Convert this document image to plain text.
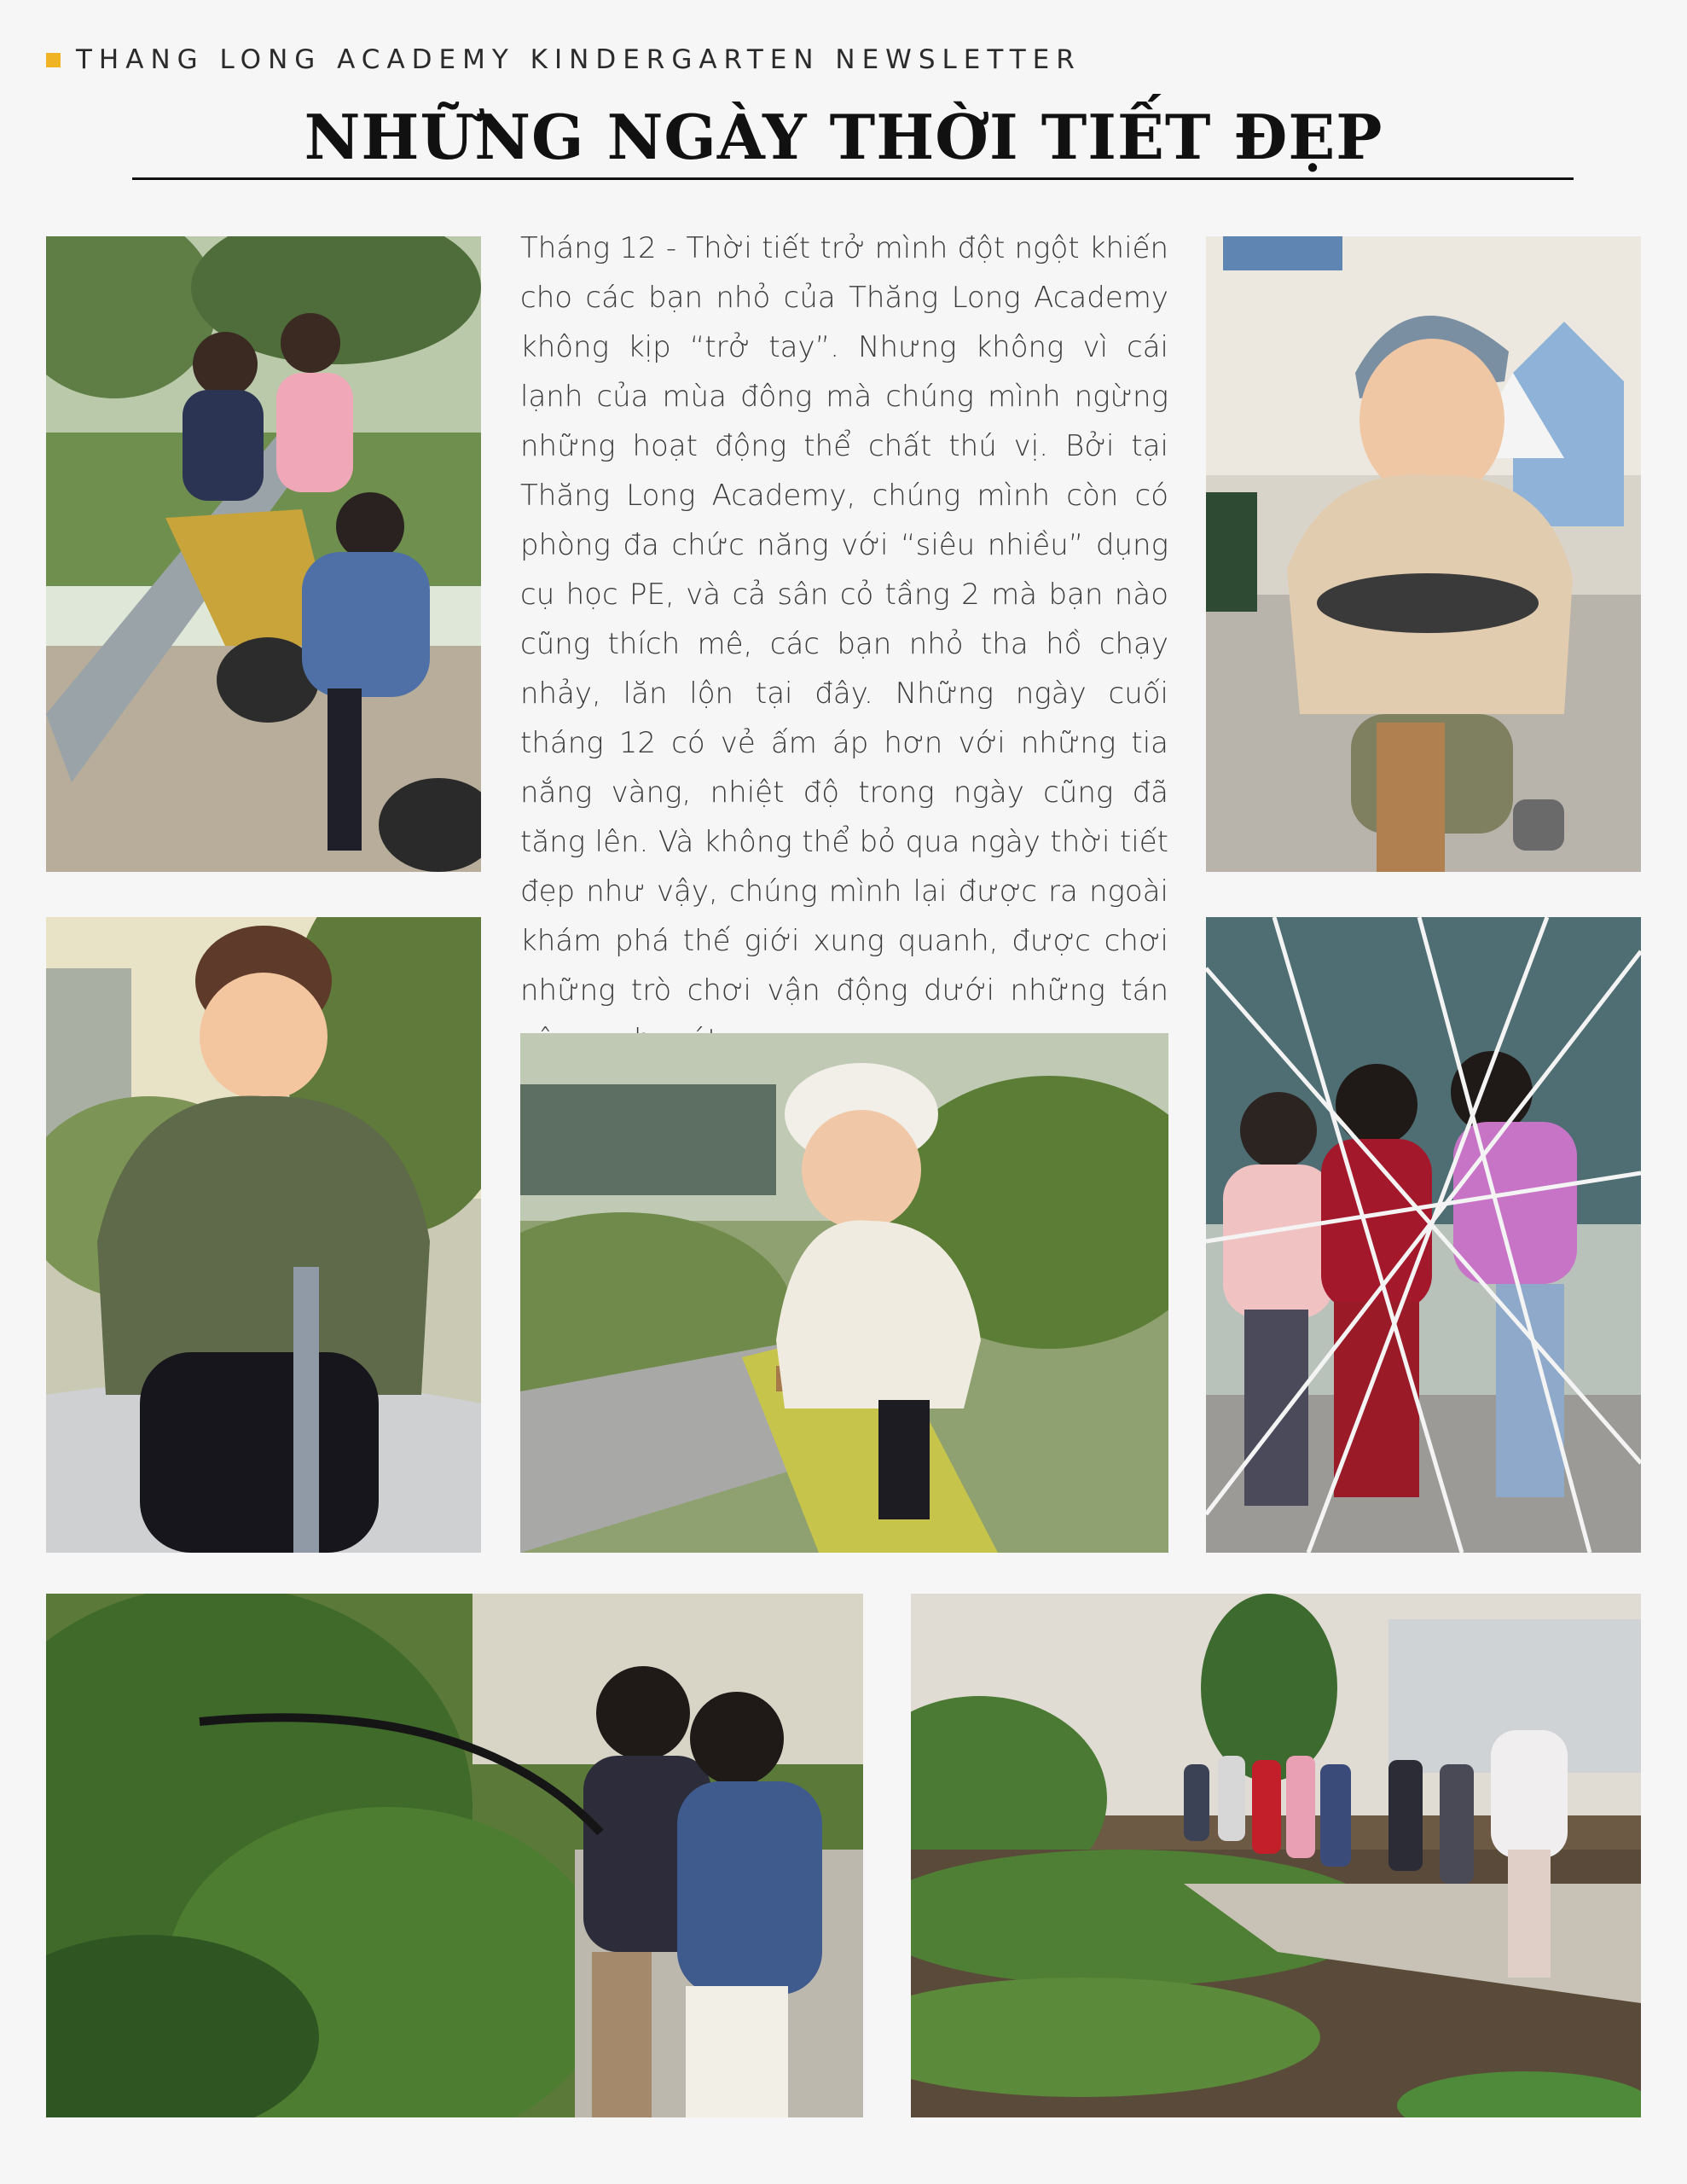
THANG LONG ACADEMY KINDERGARTEN NEWSLETTER
NHỮNG NGÀY THỜI TIẾT ĐẸP

Tháng 12 - Thời tiết trở mình đột ngột khiến cho các bạn nhỏ của Thăng Long Academy không kịp “trở tay”. Nhưng không vì cái lạnh của mùa đông mà chúng mình ngừng những hoạt động thể chất thú vị. Bởi tại Thăng Long Academy, chúng mình còn có phòng đa chức năng với “siêu nhiều” dụng cụ học PE, và cả sân cỏ tầng 2 mà bạn nào cũng thích mê, các bạn nhỏ tha hồ chạy nhảy, lăn lộn tại đây. Những ngày cuối tháng 12 có vẻ ấm áp hơn với những tia nắng vàng, nhiệt độ trong ngày cũng đã tăng lên. Và không thể bỏ qua ngày thời tiết đẹp như vậy, chúng mình lại được ra ngoài khám phá thế giới xung quanh, được chơi những trò chơi vận động dưới những tán
